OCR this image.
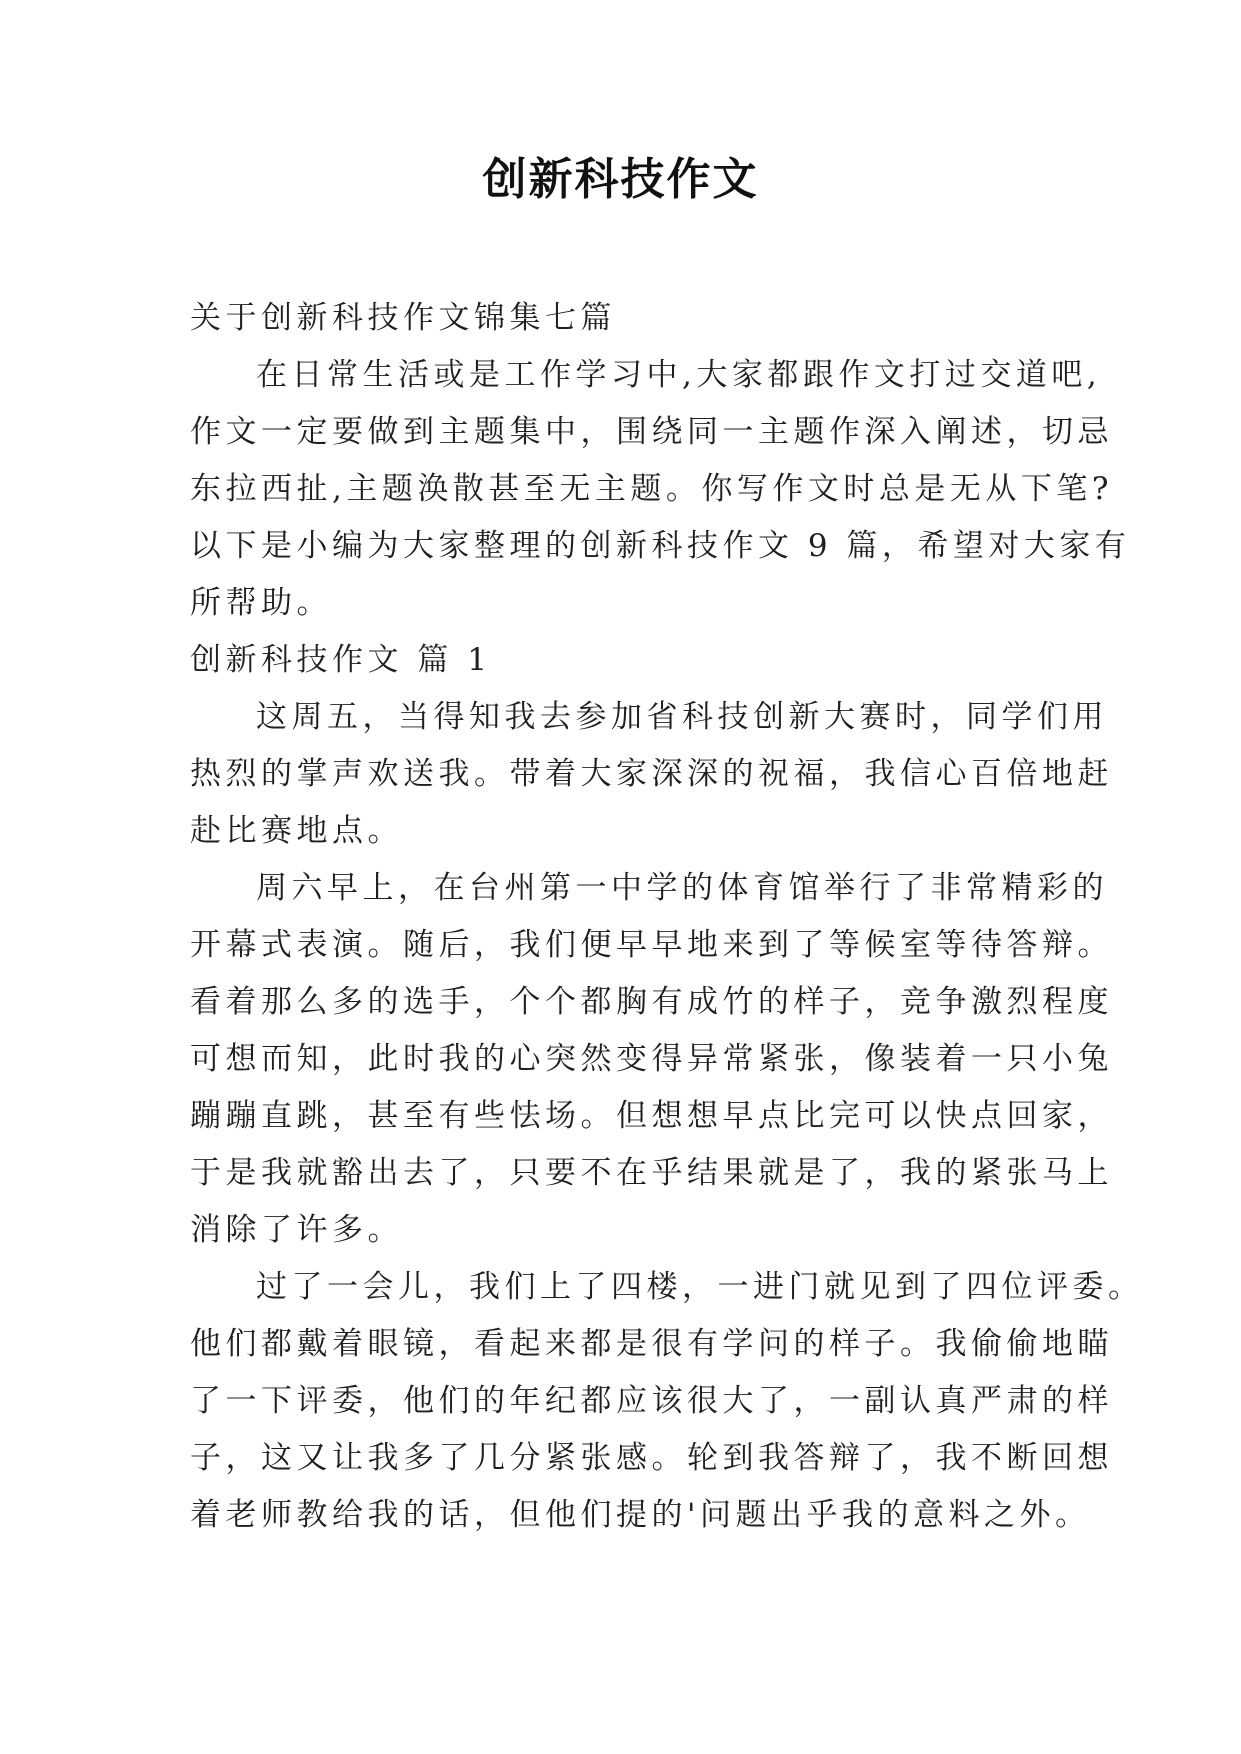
创新科技作文
关于创新科技作文锦集七篇
在日常生活或是工作学习中,大家都跟作文打过交道吧,
作文一定要做到主题集中，围绕同一主题作深入阐述，切忌
东拉西扯,主题涣散甚至无主题。你写作文时总是无从下笔?
以下是小编为大家整理的创新科技作文 9 篇，希望对大家有
所帮助。
创新科技作文 篇 1
这周五，当得知我去参加省科技创新大赛时，同学们用
热烈的掌声欢送我。带着大家深深的祝福，我信心百倍地赶
赴比赛地点。
周六早上，在台州第一中学的体育馆举行了非常精彩的
开幕式表演。随后，我们便早早地来到了等候室等待答辩。
看着那么多的选手，个个都胸有成竹的样子，竞争激烈程度
可想而知，此时我的心突然变得异常紧张，像装着一只小兔
蹦蹦直跳，甚至有些怯场。但想想早点比完可以快点回家，
于是我就豁出去了，只要不在乎结果就是了，我的紧张马上
消除了许多。
过了一会儿，我们上了四楼，一进门就见到了四位评委。
他们都戴着眼镜，看起来都是很有学问的样子。我偷偷地瞄
了一下评委，他们的年纪都应该很大了，一副认真严肃的样
子，这又让我多了几分紧张感。轮到我答辩了，我不断回想
着老师教给我的话，但他们提的'问题出乎我的意料之外。
